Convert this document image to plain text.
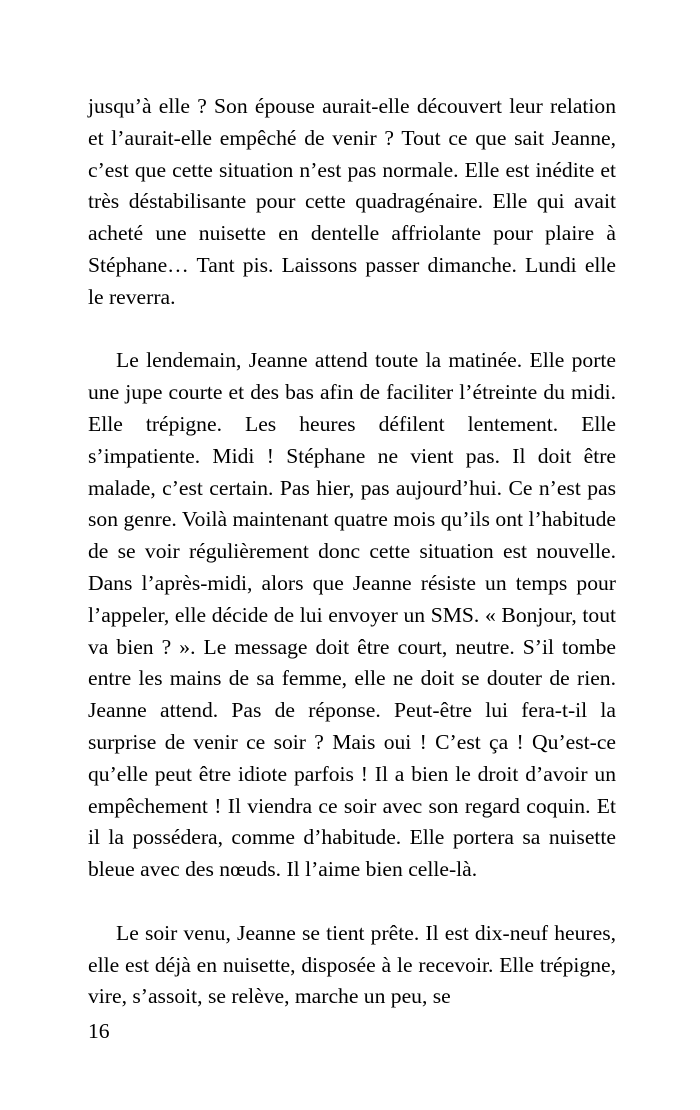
jusqu’à elle ? Son épouse aurait-elle découvert leur relation et l’aurait-elle empêché de venir ? Tout ce que sait Jeanne, c’est que cette situation n’est pas normale. Elle est inédite et très déstabilisante pour cette quadragénaire. Elle qui avait acheté une nuisette en dentelle affriolante pour plaire à Stéphane… Tant pis. Laissons passer dimanche. Lundi elle le reverra.

Le lendemain, Jeanne attend toute la matinée. Elle porte une jupe courte et des bas afin de faciliter l’étreinte du midi. Elle trépigne. Les heures défilent lentement. Elle s’impatiente. Midi ! Stéphane ne vient pas. Il doit être malade, c’est certain. Pas hier, pas aujourd’hui. Ce n’est pas son genre. Voilà maintenant quatre mois qu’ils ont l’habitude de se voir régulièrement donc cette situation est nouvelle. Dans l’après-midi, alors que Jeanne résiste un temps pour l’appeler, elle décide de lui envoyer un SMS. « Bonjour, tout va bien ? ». Le message doit être court, neutre. S’il tombe entre les mains de sa femme, elle ne doit se douter de rien. Jeanne attend. Pas de réponse. Peut-être lui fera-t-il la surprise de venir ce soir ? Mais oui ! C’est ça ! Qu’est-ce qu’elle peut être idiote parfois ! Il a bien le droit d’avoir un empêchement ! Il viendra ce soir avec son regard coquin. Et il la possédera, comme d’habitude. Elle portera sa nuisette bleue avec des nœuds. Il l’aime bien celle-là.

Le soir venu, Jeanne se tient prête. Il est dix-neuf heures, elle est déjà en nuisette, disposée à le recevoir. Elle trépigne, vire, s’assoit, se relève, marche un peu, se

16
